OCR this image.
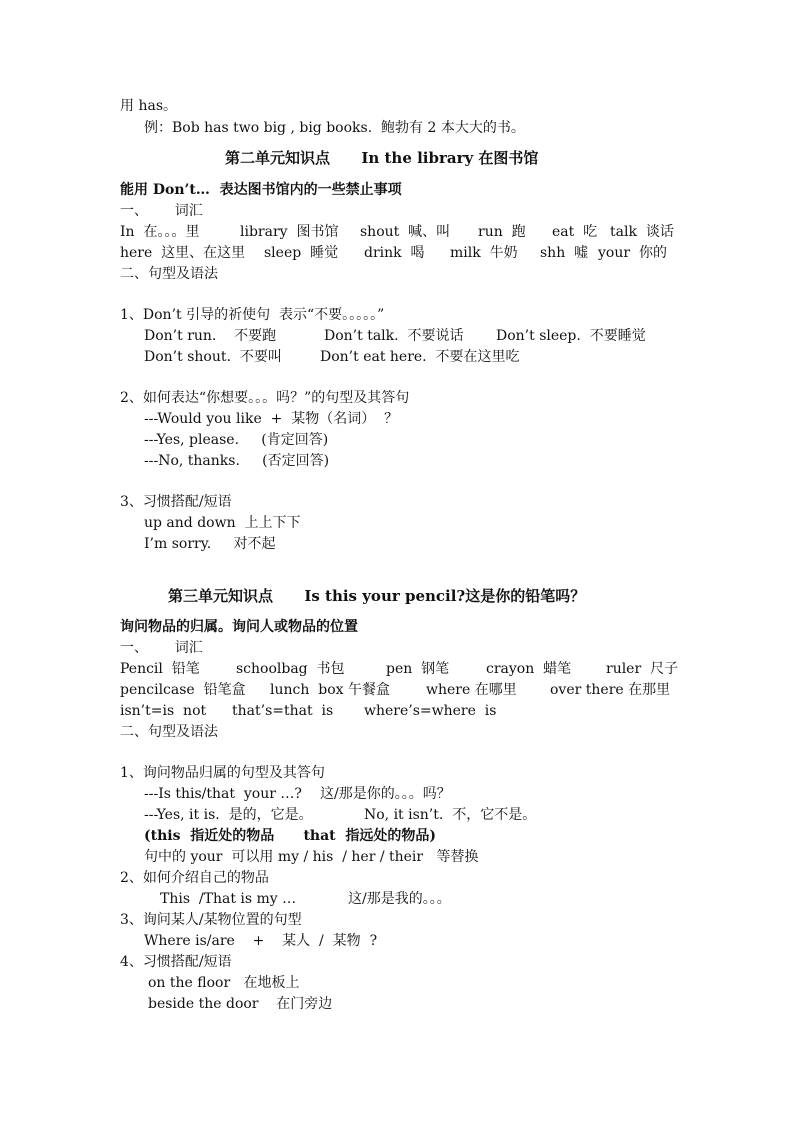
用 has。
例：Bob has two big , big books.  鲍勃有 2 本大大的书。
第二单元知识点      In the library 在图书馆
能用 Don’t…  表达图书馆内的一些禁止事项
一、      词汇

In  在。。。里

	library  图书馆

shout  喊、叫

run  跑

eat  吃

talk  谈话

here  这里、在这里

sleep  睡觉

drink  喝

milk  牛奶

shh  嘘

your  你的

二、句型及语法
1、Don’t 引导的祈使句  表示“不要。。。。。”

Don’t run.    不要跑

	Don’t talk.  不要说话

Don’t sleep.  不要睡觉

Don’t shout.  不要叫

	Don’t eat here.  不要在这里吃

2、如何表达“你想要。。。吗？”的句型及其答句
---Would you like  +  某物（名词）  ？
---Yes, please.     (肯定回答)
---No, thanks.     (否定回答)
3、习惯搭配/短语
up and down  上上下下
I’m sorry.     对不起
第三单元知识点      Is this your pencil?这是你的铅笔吗？
询问物品的归属。询问人或物品的位置
一、      词汇

Pencil  铅笔

	schoolbag  书包

	pen  钢笔

	crayon  蜡笔

ruler  尺子

pencilcase  铅笔盒

lunch  box 午餐盒

	where 在哪里

over there 在那里

isn’t=is  not

that’s=that  is

where’s=where  is

二、句型及语法
1、询问物品归属的句型及其答句

---Is this/that  your …?

这/那是你的。。。吗？

---Yes, it is.  是的，它是。

	No, it isn’t.  不，它不是。

(this  指近处的物品      that  指远处的物品)
句中的 your  可以用 my / his  / her / their   等替换
2、如何介绍自己的物品

This  /That is my …

	这/那是我的。。。

3、询问某人/某物位置的句型
Where is/are    +    某人  /  某物  ?
4、习惯搭配/短语
on the floor   在地板上
beside the door    在门旁边
